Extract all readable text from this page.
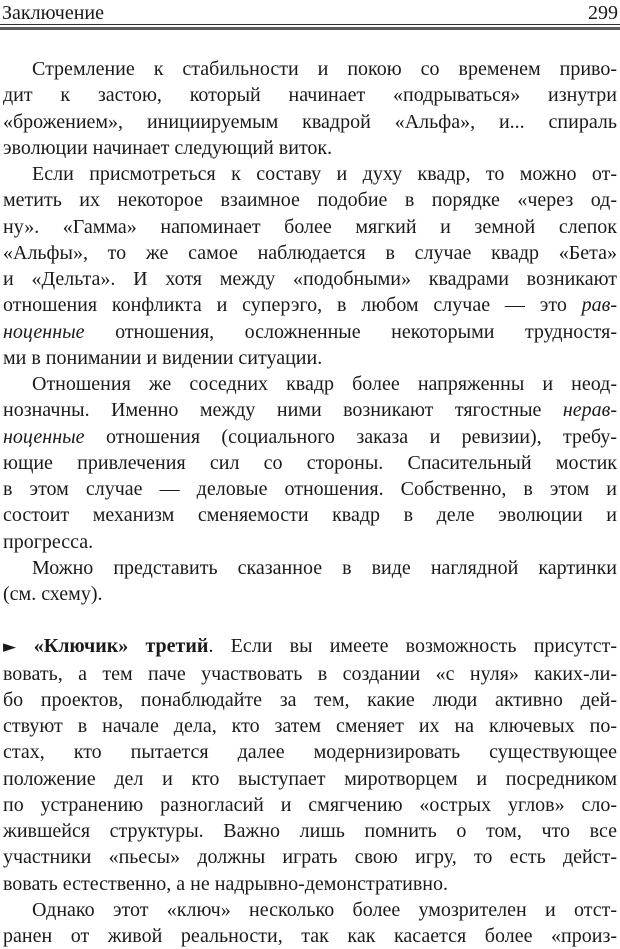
Заключение	299
Стремление к стабильности и покою со временем приво-
дит к застою, который начинает «подрываться» изнутри
«брожением», инициируемым квадрой «Альфа», и... спираль
эволюции начинает следующий виток.
Если присмотреться к составу и духу квадр, то можно от-
метить их некоторое взаимное подобие в порядке «через од-
ну». «Гамма» напоминает более мягкий и земной слепок
«Альфы», то же самое наблюдается в случае квадр «Бета»
и «Дельта». И хотя между «подобными» квадрами возникают
отношения конфликта и суперэго, в любом случае — это рав-
ноценные отношения, осложненные некоторыми трудностя-
ми в понимании и видении ситуации.
Отношения же соседних квадр более напряженны и неод-
нозначны. Именно между ними возникают тягостные нерав-
ноценные отношения (социального заказа и ревизии), требу-
ющие привлечения сил со стороны. Спасительный мостик
в этом случае — деловые отношения. Собственно, в этом и
состоит механизм сменяемости квадр в деле эволюции и
прогресса.
Можно представить сказанное в виде наглядной картинки
(см. схему).
► «Ключик» третий. Если вы имеете возможность присутст-
вовать, а тем паче участвовать в создании «с нуля» каких-ли-
бо проектов, понаблюдайте за тем, какие люди активно дей-
ствуют в начале дела, кто затем сменяет их на ключевых по-
стах, кто пытается далее модернизировать существующее
положение дел и кто выступает миротворцем и посредником
по устранению разногласий и смягчению «острых углов» сло-
жившейся структуры. Важно лишь помнить о том, что все
участники «пьесы» должны играть свою игру, то есть дейст-
вовать естественно, а не надрывно-демонстративно.
Однако этот «ключ» несколько более умозрителен и отст-
ранен от живой реальности, так как касается более «произ-
